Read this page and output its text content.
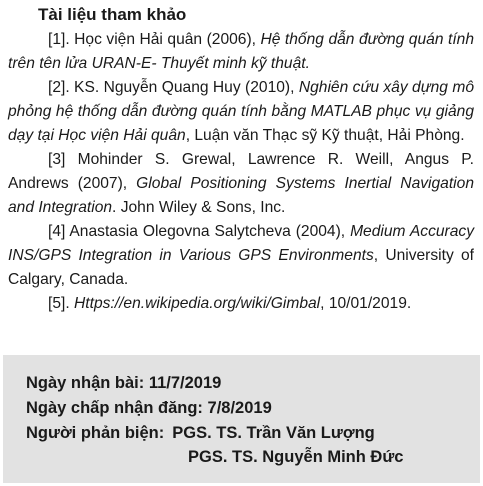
Tài liệu tham khảo

[1]. Học viện Hải quân (2006), Hệ thống dẫn đường quán tính trên tên lửa URAN-E- Thuyết minh kỹ thuật.

[2]. KS. Nguyễn Quang Huy (2010), Nghiên cứu xây dựng mô phỏng hệ thống dẫn đường quán tính bằng MATLAB phục vụ giảng dạy tại Học viện Hải quân, Luận văn Thạc sỹ Kỹ thuật, Hải Phòng.

[3] Mohinder S. Grewal, Lawrence R. Weill, Angus P. Andrews (2007), Global Positioning Systems Inertial Navigation and Integration. John Wiley & Sons, Inc.

[4] Anastasia Olegovna Salytcheva (2004), Medium Accuracy INS/GPS Integration in Various GPS Environments, University of Calgary, Canada.

[5]. Https://en.wikipedia.org/wiki/Gimbal, 10/01/2019.

Ngày nhận bài: 11/7/2019
Ngày chấp nhận đăng: 7/8/2019
Người phản biện: PGS. TS. Trần Văn Lượng
PGS. TS. Nguyễn Minh Đức
